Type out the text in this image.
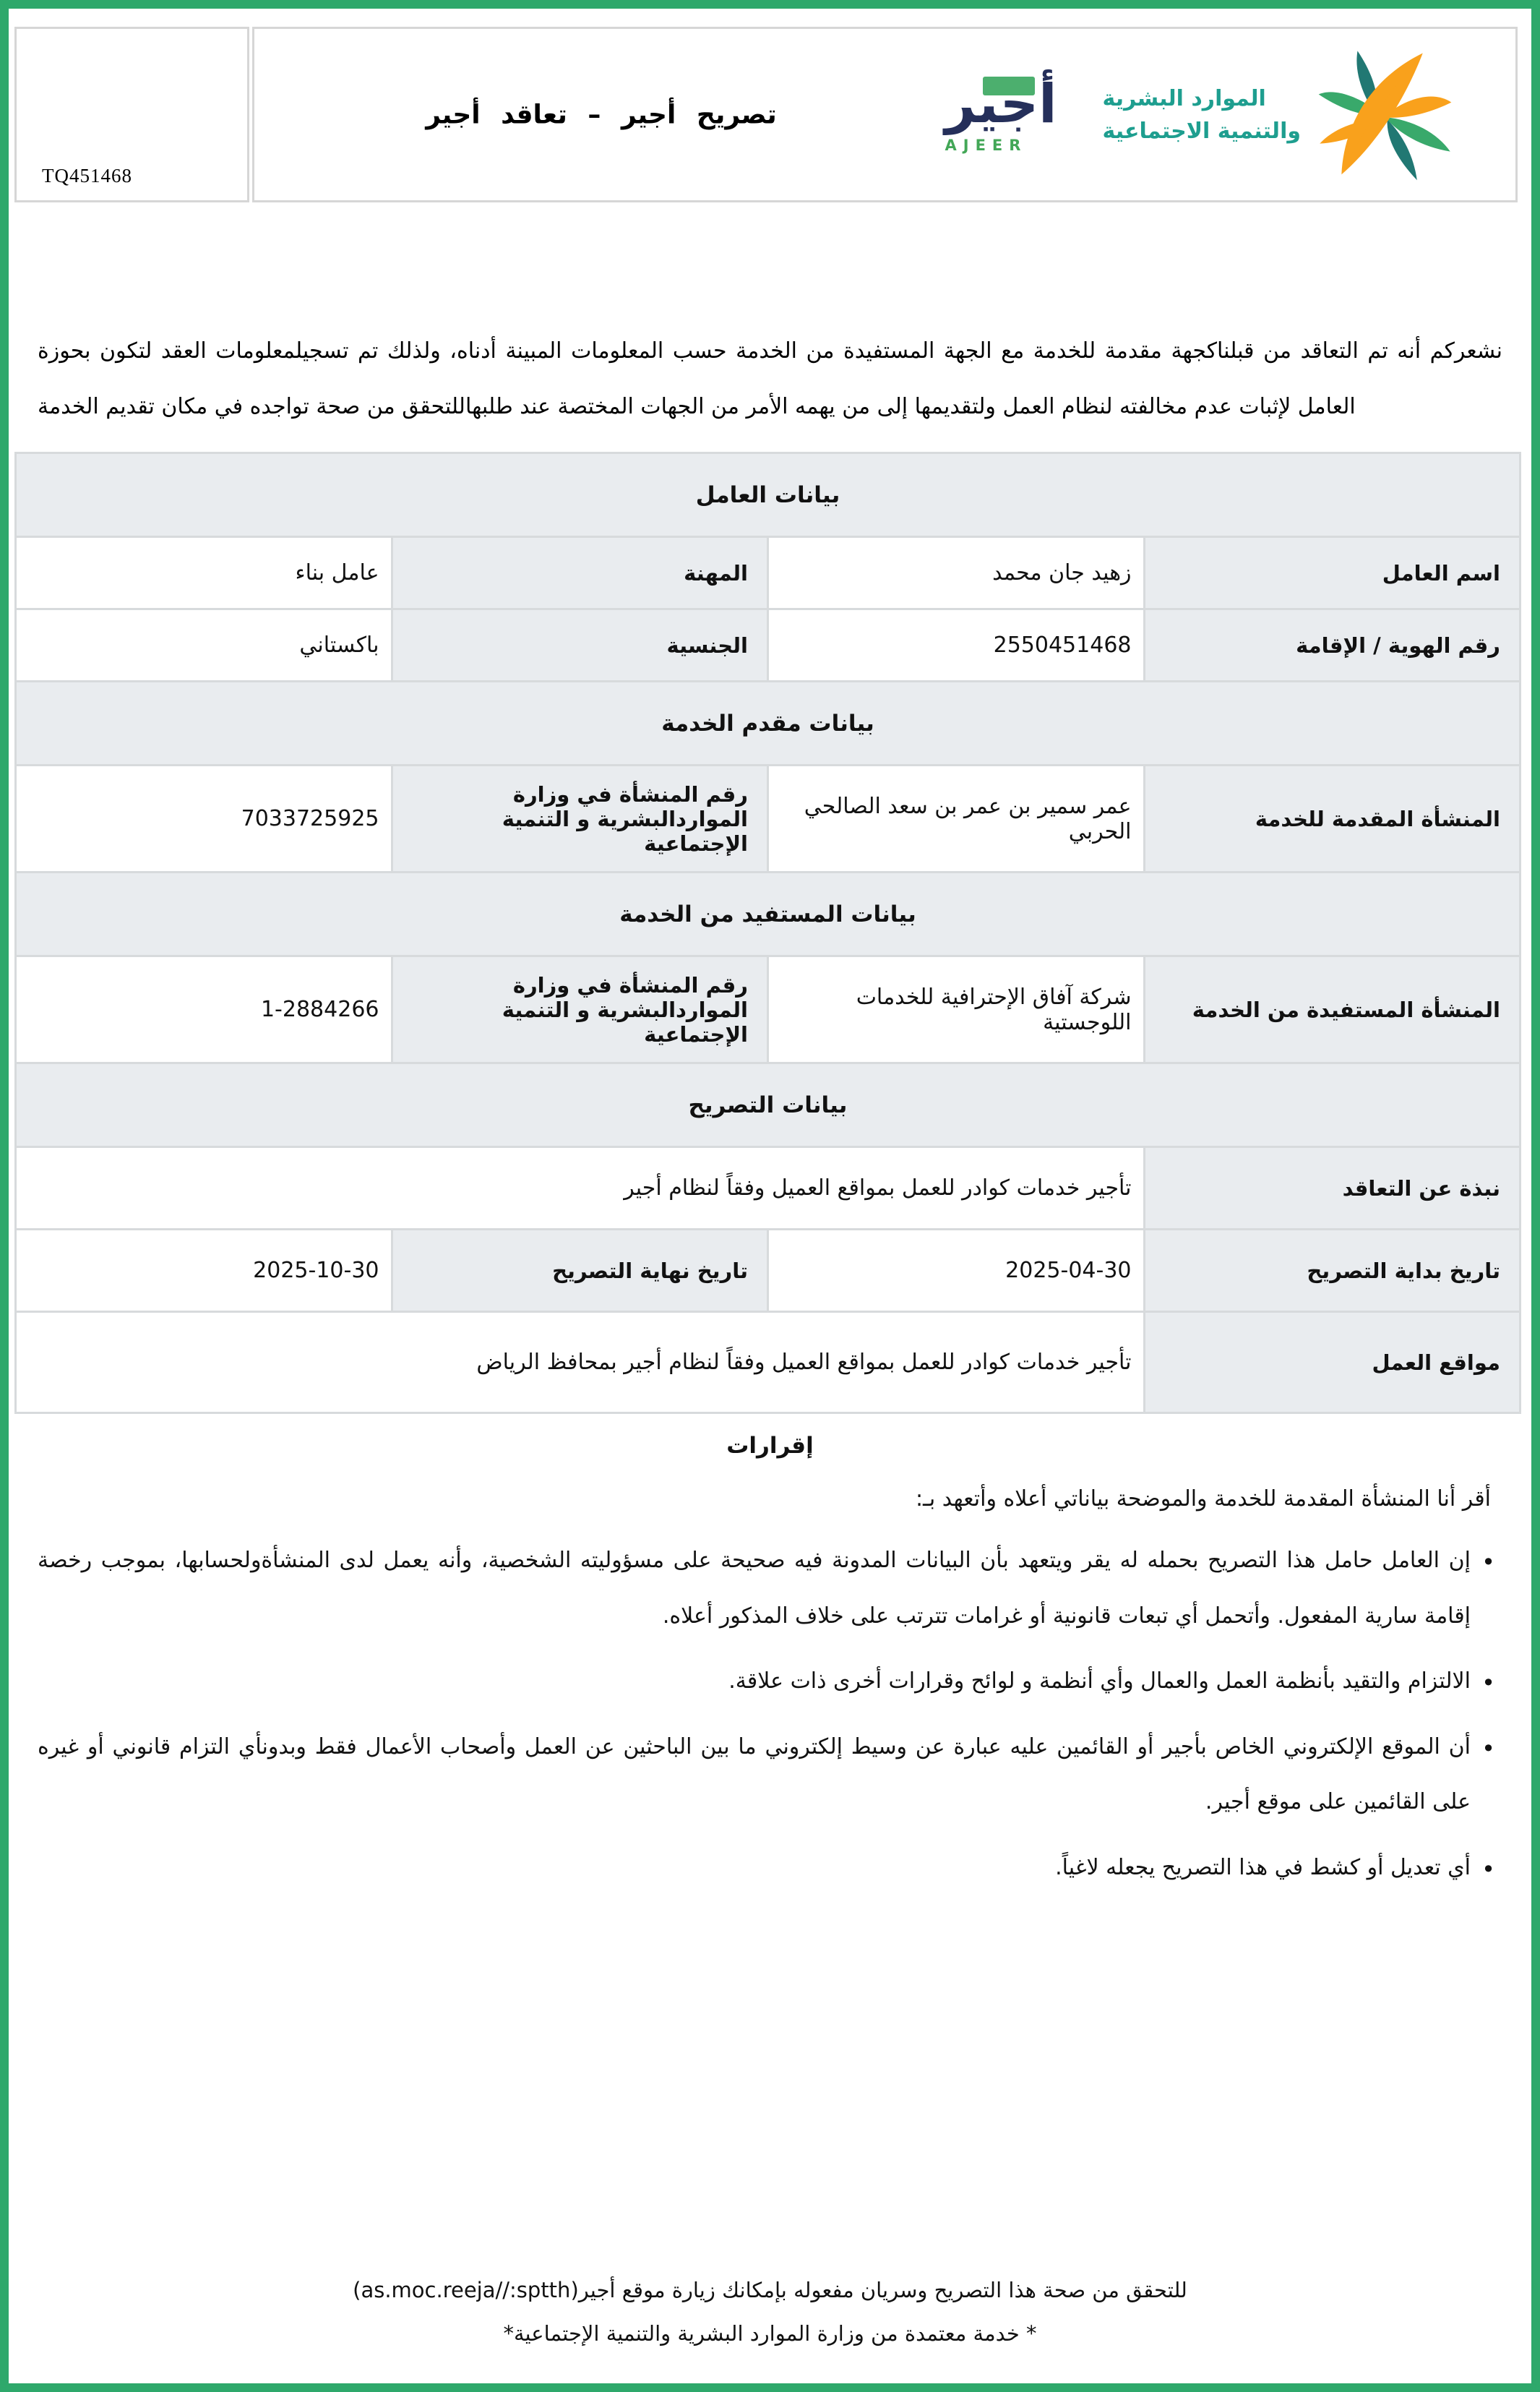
TQ451468
تصريح أجير – تعاقد أجير	أجير
AJEER
الموارد البشرية
والتنمية الاجتماعية

نشعركم أنه تم التعاقد من قبلناكجهة مقدمة للخدمة مع الجهة المستفيدة من الخدمة حسب المعلومات المبينة أدناه، ولذلك تم تسجيلمعلومات العقد لتكون بحوزة العامل لإثبات عدم مخالفته لنظام العمل ولتقديمها إلى من يهمه الأمر من الجهات المختصة عند طلبهاللتحقق من صحة تواجده في مكان تقديم الخدمة

بيانات العامل			
اسم العامل	زهيد جان محمد	المهنة	عامل بناء
رقم الهوية / الإقامة	2550451468	الجنسية	باكستاني
بيانات مقدم الخدمة			
المنشأة المقدمة للخدمة	عمر سمير بن عمر بن سعد الصالحي الحربي	رقم المنشأة في وزارة المواردالبشرية و التنمية الإجتماعية	7033725925
بيانات المستفيد من الخدمة			
المنشأة المستفيدة من الخدمة	شركة آفاق الإحترافية للخدمات اللوجستية	رقم المنشأة في وزارة المواردالبشرية و التنمية الإجتماعية	1-2884266
بيانات التصريح			
نبذة عن التعاقد	تأجير خدمات كوادر للعمل بمواقع العميل وفقاً لنظام أجير		
تاريخ بداية التصريح	2025-04-30	تاريخ نهاية التصريح	2025-10-30
مواقع العمل	تأجير خدمات كوادر للعمل بمواقع العميل وفقاً لنظام أجير بمحافظ الرياض		
إقرارات
أقر أنا المنشأة المقدمة للخدمة والموضحة بياناتي أعلاه وأتعهد بـ:
• إن العامل حامل هذا التصريح بحمله له يقر ويتعهد بأن البيانات المدونة فيه صحيحة على مسؤوليته الشخصية، وأنه يعمل لدى المنشأةولحسابها، بموجب رخصة إقامة سارية المفعول. وأتحمل أي تبعات قانونية أو غرامات تترتب على خلاف المذكور أعلاه.
• الالتزام والتقيد بأنظمة العمل والعمال وأي أنظمة و لوائح وقرارات أخرى ذات علاقة.
• أن الموقع الإلكتروني الخاص بأجير أو القائمين عليه عبارة عن وسيط إلكتروني ما بين الباحثين عن العمل وأصحاب الأعمال فقط وبدونأي التزام قانوني أو غيره على القائمين على موقع أجير.
• أي تعديل أو كشط في هذا التصريح يجعله لاغياً.
للتحقق من صحة هذا التصريح وسريان مفعوله بإمكانك زيارة موقع أجير(as.moc.reeja//:sptth)
* خدمة معتمدة من وزارة الموارد البشرية والتنمية الإجتماعية*
